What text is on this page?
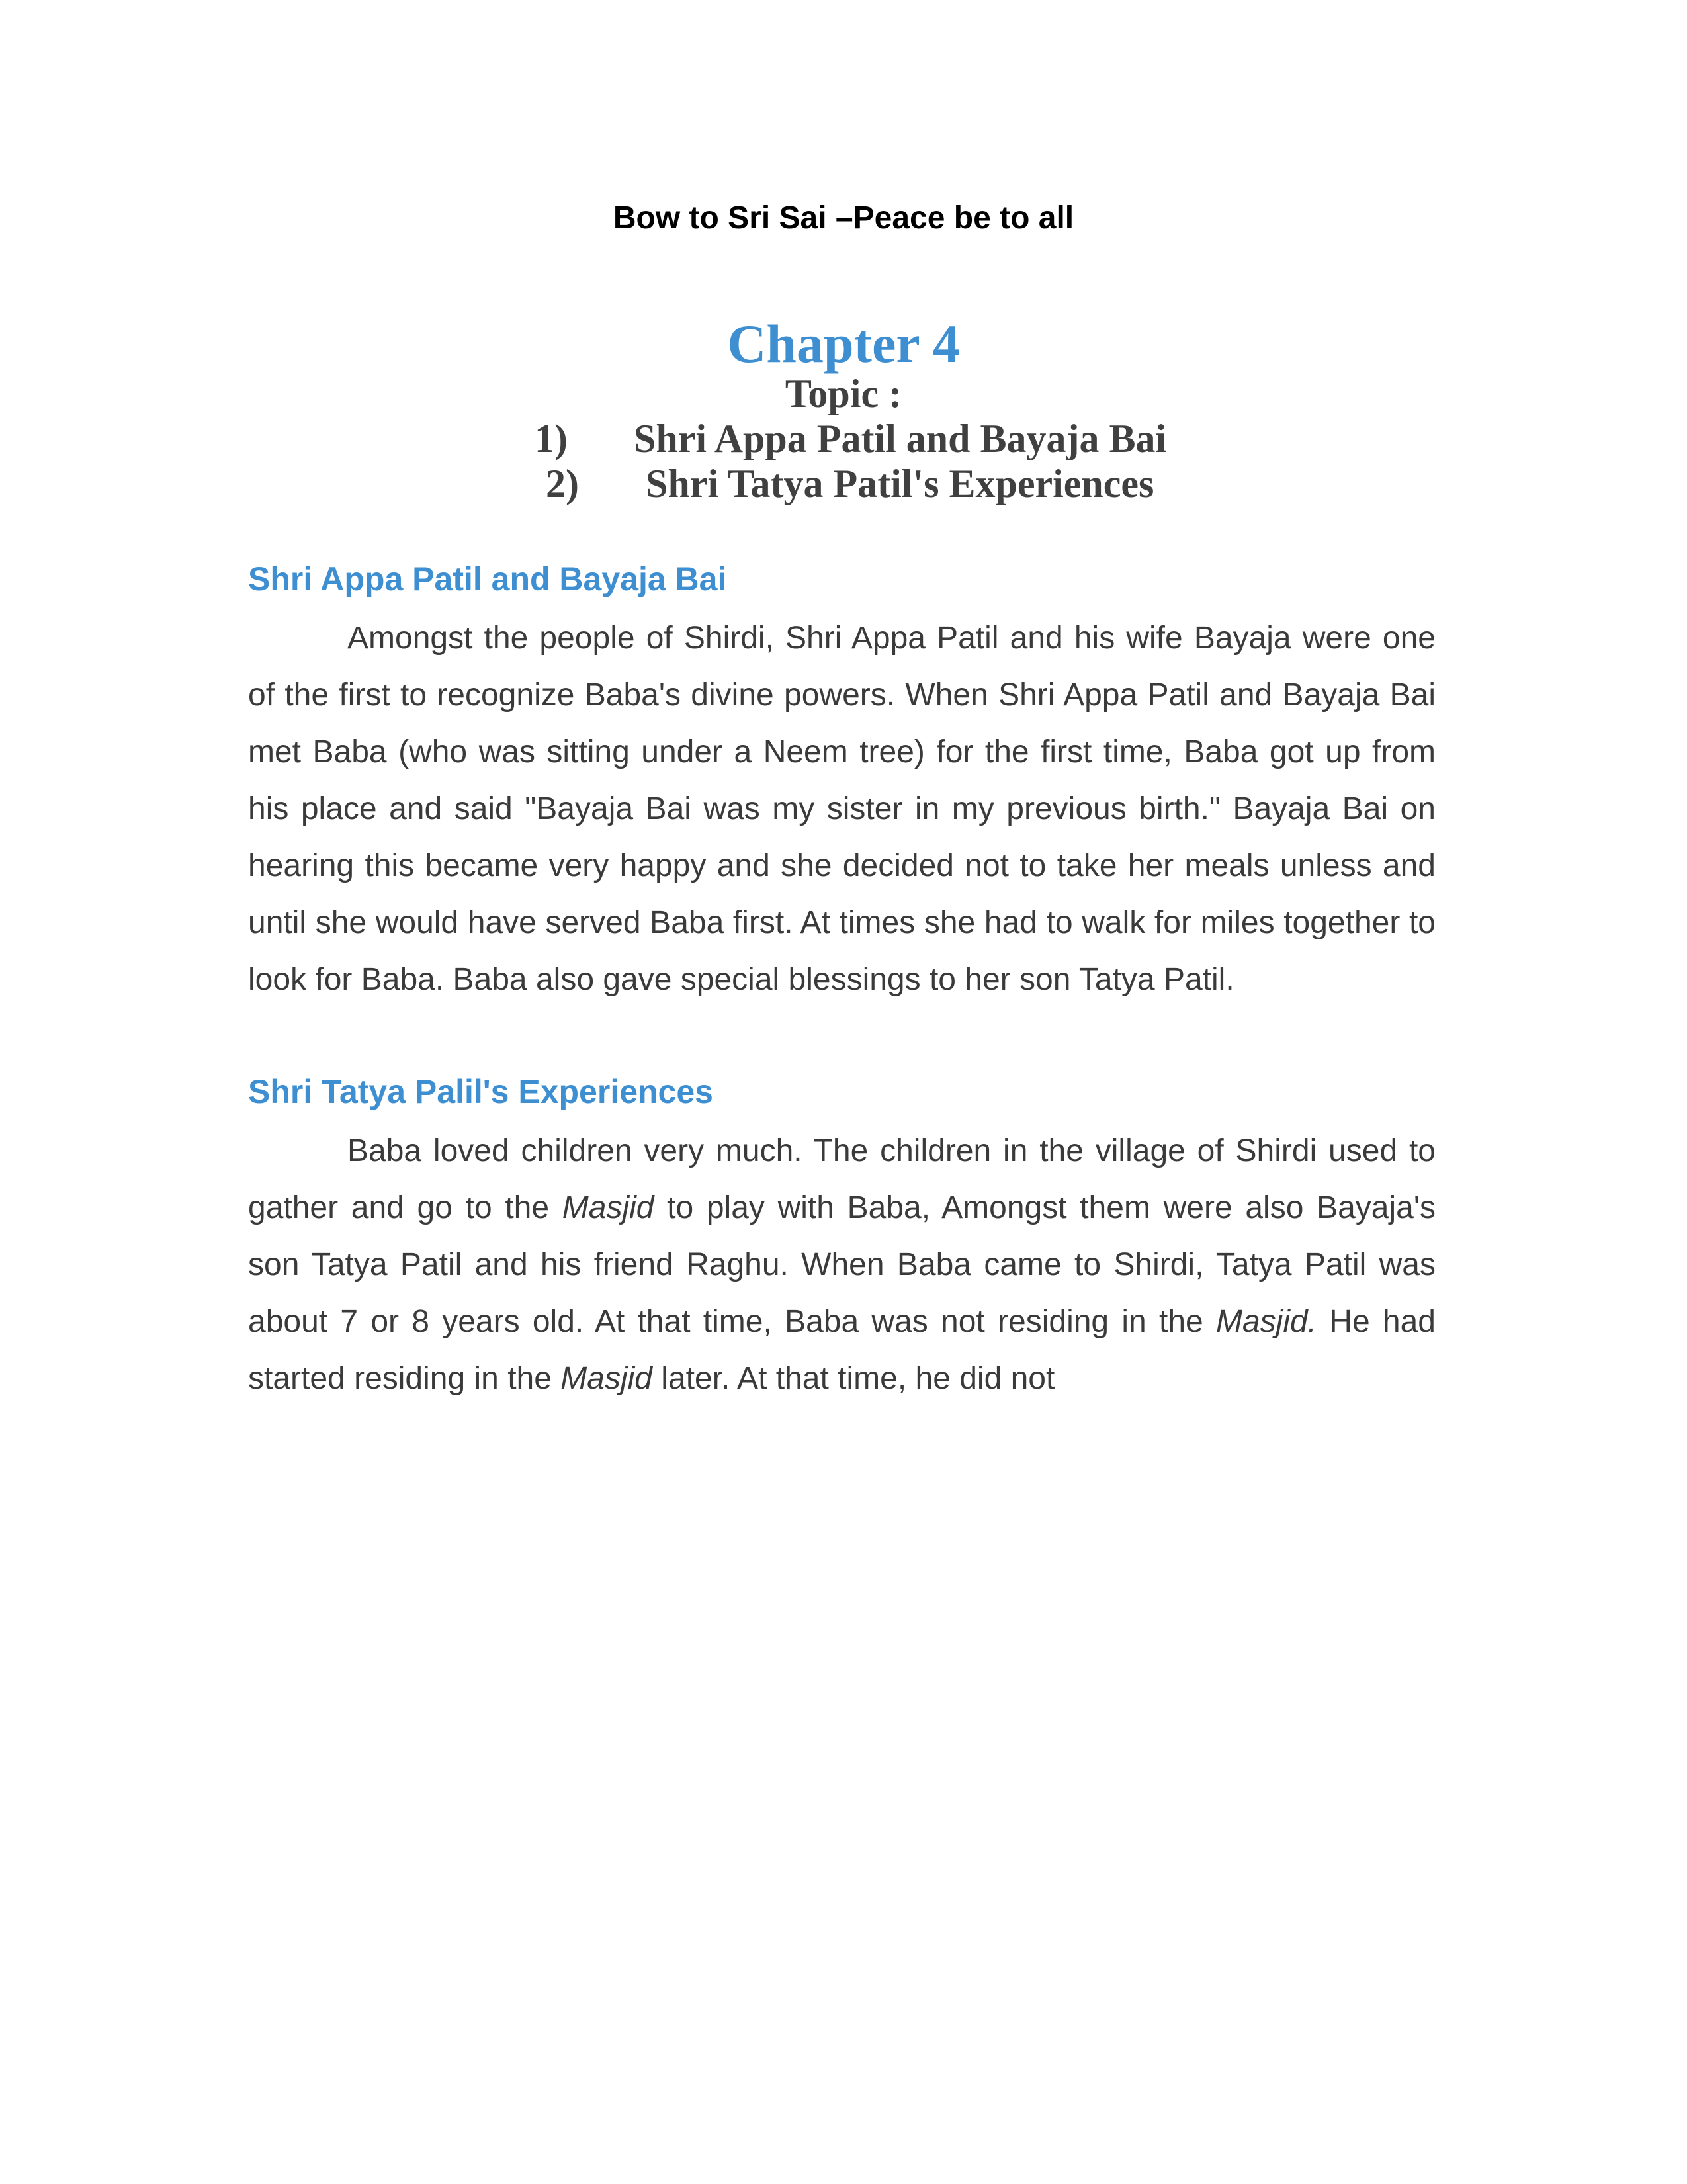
Bow to Sri Sai –Peace be to all
Chapter 4
Topic :
1) Shri Appa Patil and Bayaja Bai
2) Shri Tatya Patil's Experiences
Shri Appa Patil and Bayaja Bai

Amongst the people of Shirdi, Shri Appa Patil and his wife Bayaja were one of the first to recognize Baba's divine powers. When Shri Appa Patil and Bayaja Bai met Baba (who was sitting under a Neem tree) for the first time, Baba got up from his place and said "Bayaja Bai was my sister in my previous birth." Bayaja Bai on hearing this became very happy and she decided not to take her meals unless and until she would have served Baba first. At times she had to walk for miles together to look for Baba. Baba also gave special blessings to her son Tatya Patil.

Shri Tatya Palil's Experiences

Baba loved children very much. The children in the village of Shirdi used to gather and go to the Masjid to play with Baba, Amongst them were also Bayaja's son Tatya Patil and his friend Raghu. When Baba came to Shirdi, Tatya Patil was about 7 or 8 years old. At that time, Baba was not residing in the Masjid. He had started residing in the Masjid later. At that time, he did not
